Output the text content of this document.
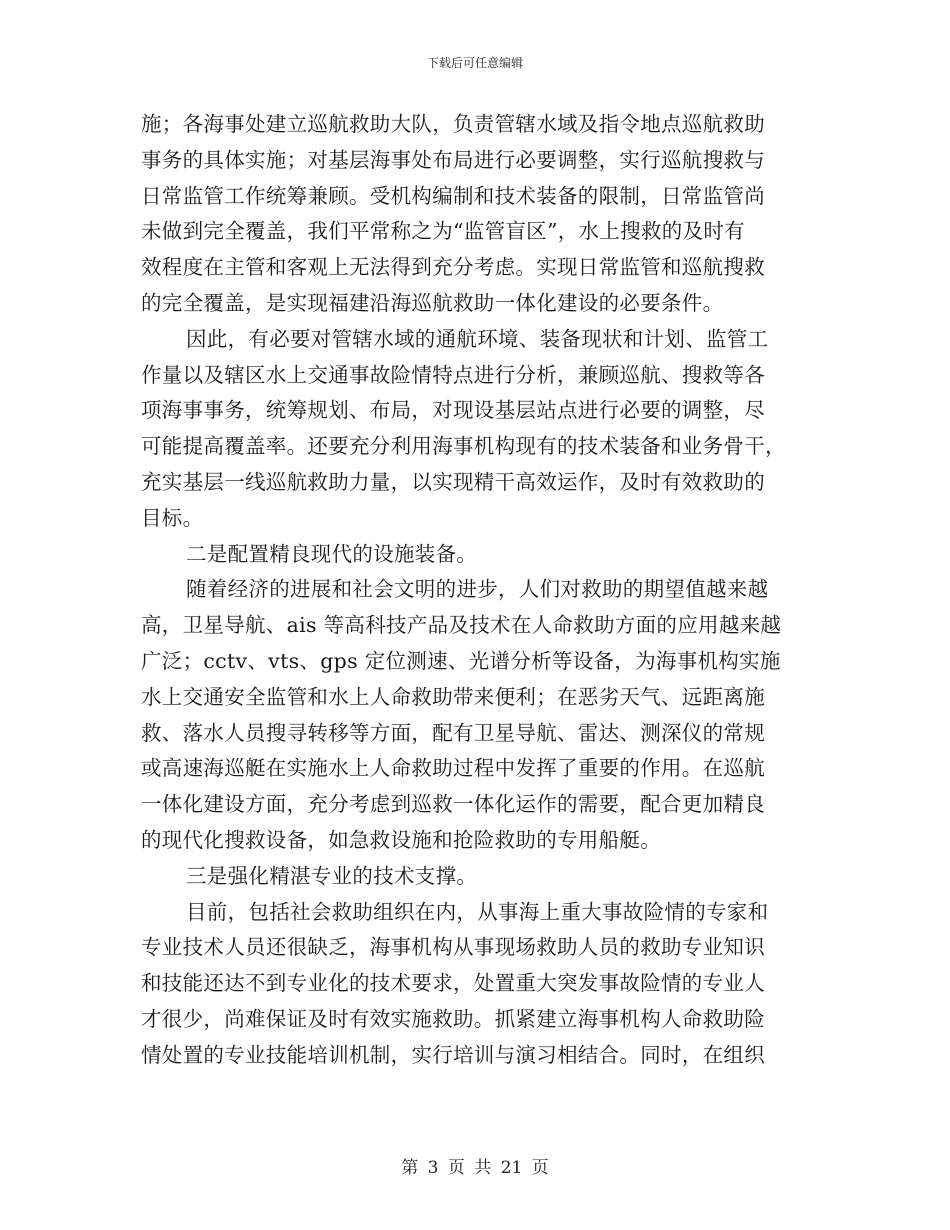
下载后可任意编辑
施；各海事处建立巡航救助大队，负责管辖水域及指令地点巡航救助
事务的具体实施；对基层海事处布局进行必要调整，实行巡航搜救与
日常监管工作统筹兼顾。受机构编制和技术装备的限制，日常监管尚
未做到完全覆盖，我们平常称之为“监管盲区”，水上搜救的及时有
效程度在主管和客观上无法得到充分考虑。实现日常监管和巡航搜救
的完全覆盖，是实现福建沿海巡航救助一体化建设的必要条件。
因此，有必要对管辖水域的通航环境、装备现状和计划、监管工
作量以及辖区水上交通事故险情特点进行分析，兼顾巡航、搜救等各
项海事事务，统筹规划、布局，对现设基层站点进行必要的调整，尽
可能提高覆盖率。还要充分利用海事机构现有的技术装备和业务骨干，
充实基层一线巡航救助力量，以实现精干高效运作，及时有效救助的
目标。
二是配置精良现代的设施装备。
随着经济的进展和社会文明的进步，人们对救助的期望值越来越
高，卫星导航、ais 等高科技产品及技术在人命救助方面的应用越来越
广泛；cctv、vts、gps 定位测速、光谱分析等设备，为海事机构实施
水上交通安全监管和水上人命救助带来便利；在恶劣天气、远距离施
救、落水人员搜寻转移等方面，配有卫星导航、雷达、测深仪的常规
或高速海巡艇在实施水上人命救助过程中发挥了重要的作用。在巡航
一体化建设方面，充分考虑到巡救一体化运作的需要，配合更加精良
的现代化搜救设备，如急救设施和抢险救助的专用船艇。
三是强化精湛专业的技术支撑。
目前，包括社会救助组织在内，从事海上重大事故险情的专家和
专业技术人员还很缺乏，海事机构从事现场救助人员的救助专业知识
和技能还达不到专业化的技术要求，处置重大突发事故险情的专业人
才很少，尚难保证及时有效实施救助。抓紧建立海事机构人命救助险
情处置的专业技能培训机制，实行培训与演习相结合。同时，在组织
第 3 页 共 21 页
